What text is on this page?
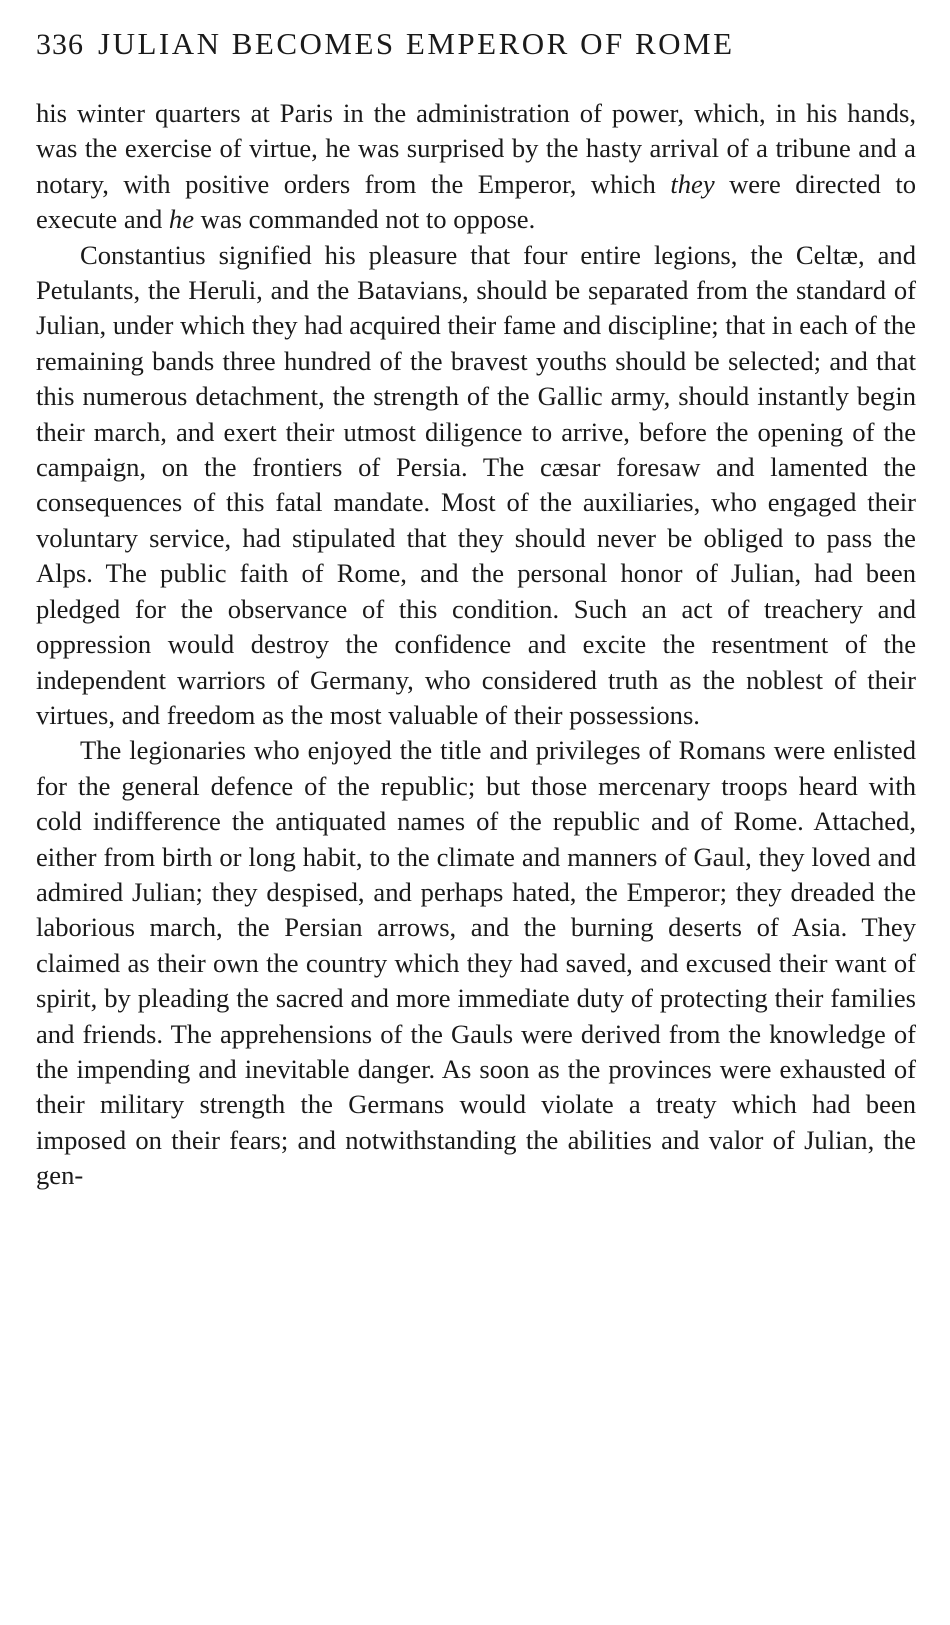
336 JULIAN BECOMES EMPEROR OF ROME

his winter quarters at Paris in the administration of power, which, in his hands, was the exercise of virtue, he was surprised by the hasty arrival of a tribune and a notary, with positive orders from the Emperor, which they were directed to execute and he was commanded not to oppose.

Constantius signified his pleasure that four entire legions, the Celtæ, and Petulants, the Heruli, and the Batavians, should be separated from the standard of Julian, under which they had acquired their fame and discipline; that in each of the remaining bands three hundred of the bravest youths should be selected; and that this numerous detachment, the strength of the Gallic army, should instantly begin their march, and exert their utmost diligence to arrive, before the opening of the campaign, on the frontiers of Persia. The cæsar foresaw and lamented the consequences of this fatal mandate. Most of the auxiliaries, who engaged their voluntary service, had stipulated that they should never be obliged to pass the Alps. The public faith of Rome, and the personal honor of Julian, had been pledged for the observance of this condition. Such an act of treachery and oppression would destroy the confidence and excite the resentment of the independent warriors of Germany, who considered truth as the noblest of their virtues, and freedom as the most valuable of their possessions.

The legionaries who enjoyed the title and privileges of Romans were enlisted for the general defence of the republic; but those mercenary troops heard with cold indifference the antiquated names of the republic and of Rome. Attached, either from birth or long habit, to the climate and manners of Gaul, they loved and admired Julian; they despised, and perhaps hated, the Emperor; they dreaded the laborious march, the Persian arrows, and the burning deserts of Asia. They claimed as their own the country which they had saved, and excused their want of spirit, by pleading the sacred and more immediate duty of protecting their families and friends. The apprehensions of the Gauls were derived from the knowledge of the impending and inevitable danger. As soon as the provinces were exhausted of their military strength the Germans would violate a treaty which had been imposed on their fears; and notwithstanding the abilities and valor of Julian, the gen-
